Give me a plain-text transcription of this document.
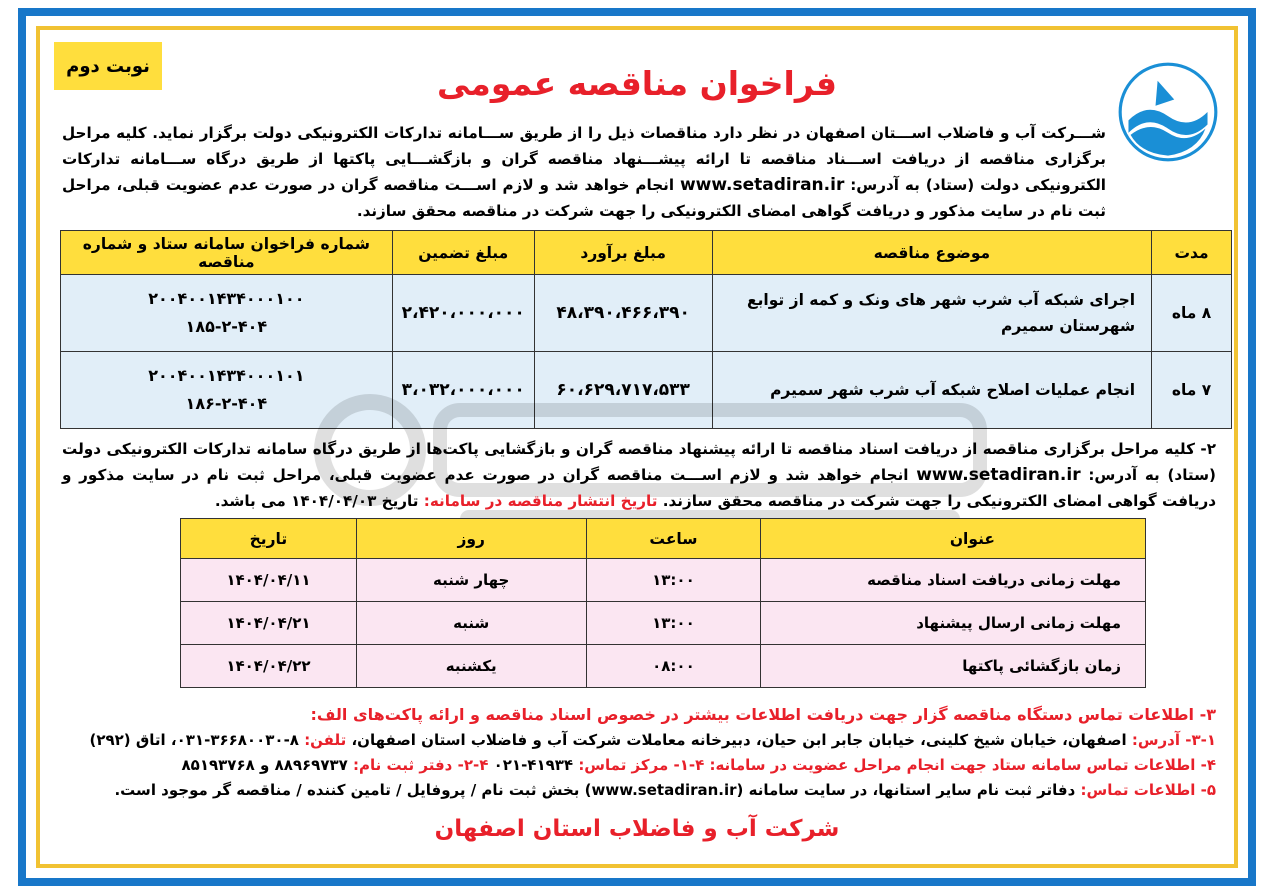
نوبت دوم	فراخوان مناقصه عمومی
شـــرکت آب و فاضلاب اســـتان اصفهان در نظر دارد مناقصات ذیل را از طریق ســـامانه تدارکات الکترونیکی دولت برگزار نماید. کلیه مراحل برگزاری مناقصه از دریافت اســـناد مناقصه تا ارائه پیشـــنهاد مناقصه گران و بازگشـــایی پاکتها از طریق درگاه ســـامانه تدارکات الکترونیکی دولت (ستاد) به آدرس: www.setadiran.ir انجام خواهد شد و لازم اســـت مناقصه گران در صورت عدم عضویت قبلی، مراحل ثبت نام در سایت مذکور و دریافت گواهی امضای الکترونیکی را جهت شرکت در مناقصه محقق سازند.
مدت	موضوع مناقصه	مبلغ برآورد	مبلغ تضمین	شماره فراخوان سامانه ستاد و شماره مناقصه
۸ ماه	اجرای شبکه آب شرب شهر های ونک و کمه از توابع شهرستان سمیرم	۴۸،۳۹۰،۴۶۶،۳۹۰	۲،۴۲۰،۰۰۰،۰۰۰	۲۰۰۴۰۰۱۴۳۴۰۰۰۱۰۰
۱۸۵-۲-۴۰۴

۷ ماه	انجام عملیات اصلاح شبکه آب شرب شهر سمیرم	۶۰،۶۲۹،۷۱۷،۵۳۳	۳،۰۳۲،۰۰۰،۰۰۰	۲۰۰۴۰۰۱۴۳۴۰۰۰۱۰۱
۱۸۶-۲-۴۰۴
۲- کلیه مراحل برگزاری مناقصه از دریافت اسناد مناقصه تا ارائه پیشنهاد مناقصه گران و بازگشایی پاکت‌ها از طریق درگاه سامانه تدارکات الکترونیکی دولت (ستاد) به آدرس: www.setadiran.ir انجام خواهد شد و لازم اســـت مناقصه گران در صورت عدم عضویت قبلی، مراحل ثبت نام در سایت مذکور و دریافت گواهی امضای الکترونیکی را جهت شرکت در مناقصه محقق سازند. تاریخ انتشار مناقصه در سامانه: تاریخ ۱۴۰۴/۰۴/۰۳ می باشد.
عنوان	ساعت	روز	تاریخ
مهلت زمانی دریافت اسناد مناقصه	۱۳:۰۰	چهار شنبه	۱۴۰۴/۰۴/۱۱
مهلت زمانی ارسال پیشنهاد	۱۳:۰۰	شنبه	۱۴۰۴/۰۴/۲۱
زمان بازگشائی پاکتها	۰۸:۰۰	یکشنبه	۱۴۰۴/۰۴/۲۲
۳- اطلاعات تماس دستگاه مناقصه گزار جهت دریافت اطلاعات بیشتر در خصوص اسناد مناقصه و ارائه پاکت‌های الف:
۳-۱- آدرس: اصفهان، خیابان شیخ کلینی، خیابان جابر ابن حیان، دبیرخانه معاملات شرکت آب و فاضلاب استان اصفهان، تلفن: ۸-۳۶۶۸۰۰۳۰-۰۳۱، اتاق (۲۹۲)
۴- اطلاعات تماس سامانه ستاد جهت انجام مراحل عضویت در سامانه: ۴-۱- مرکز تماس: ۴۱۹۳۴-۰۲۱ ۴-۲- دفتر ثبت نام: ۸۸۹۶۹۷۳۷ و ۸۵۱۹۳۷۶۸
۵- اطلاعات تماس: دفاتر ثبت نام سایر استانها، در سایت سامانه (www.setadiran.ir) بخش ثبت نام / پروفایل / تامین کننده / مناقصه گر موجود است.
شرکت آب و فاضلاب استان اصفهان
